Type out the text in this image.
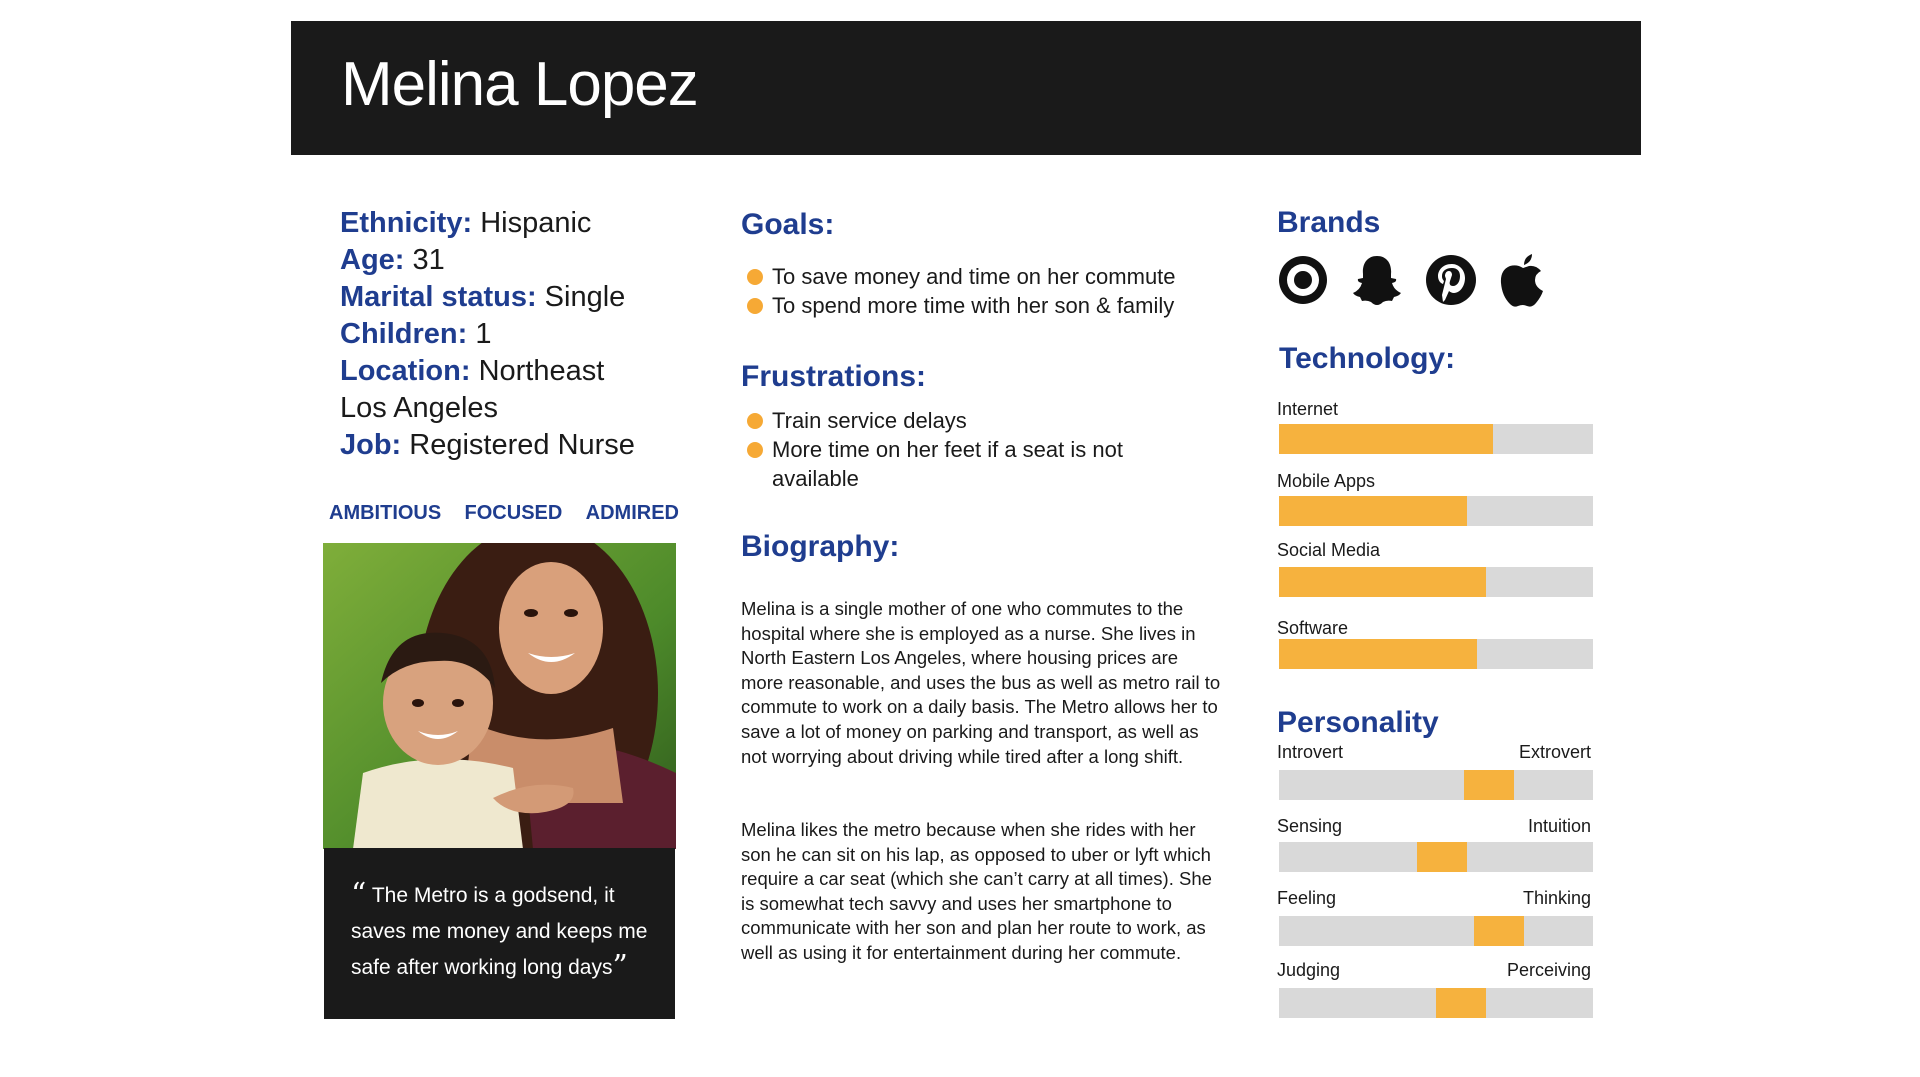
Melina Lopez
Ethnicity: Hispanic
Age: 31
Marital status: Single
Children: 1
Location: Northeast
Los Angeles
Job: Registered Nurse
AMBITIOUS FOCUSED ADMIRED

“ The Metro is a godsend, it saves me money and keeps me safe after working long days”

Goals:
To save money and time on her commute
To spend more time with her son & family
Frustrations:
Train service delays
More time on her feet if a seat is not available
Biography:

Melina is a single mother of one who commutes to the hospital where she is employed as a nurse. She lives in North Eastern Los Angeles, where housing prices are more reasonable, and uses the bus as well as metro rail to commute to work on a daily basis. The Metro allows her to save a lot of money on parking and transport, as well as not worrying about driving while tired after a long shift.

Melina likes the metro because when she rides with her son he can sit on his lap, as opposed to uber or lyft which require a car seat (which she can’t carry at all times). She is somewhat tech savvy and uses her smartphone to communicate with her son and plan her route to work, as well as using it for entertainment during her commute.

Brands
Technology:
Internet
Mobile Apps
Social Media
Software
Personality
Introvert	Extrovert
Sensing	Intuition
Feeling	Thinking
Judging	Perceiving
